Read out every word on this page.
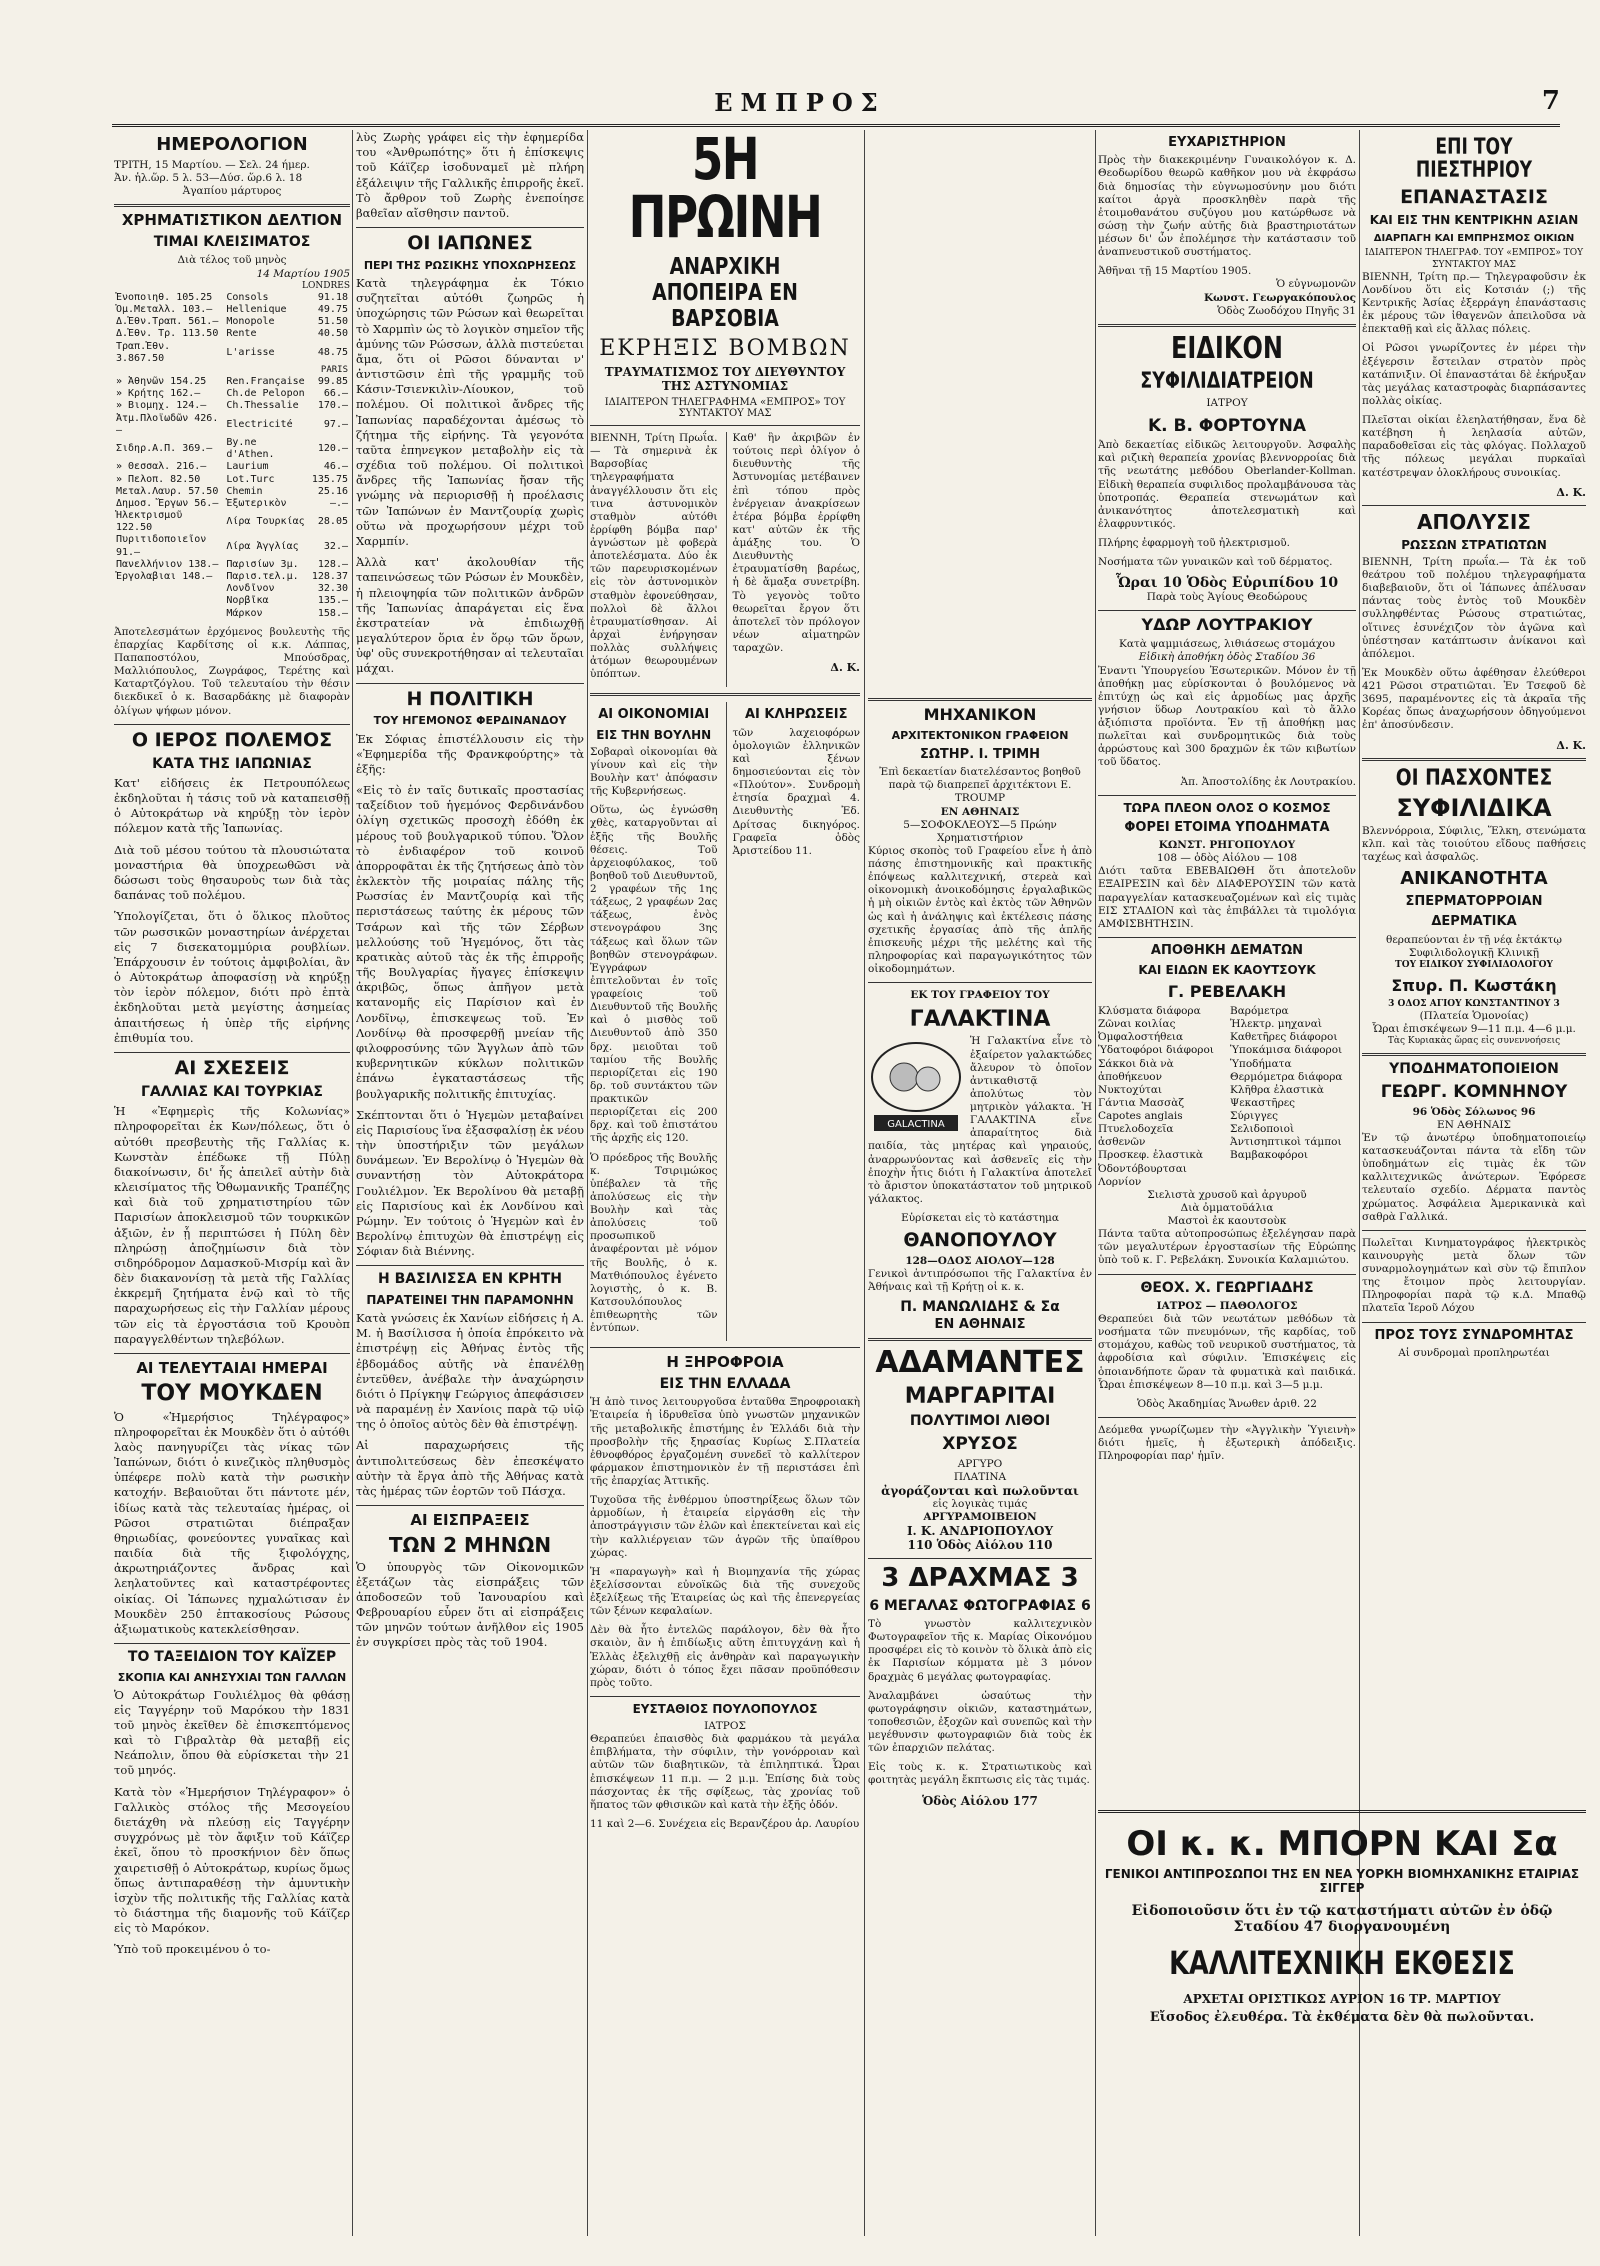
ΕΜΠΡΟΣ	7
ΗΜΕΡΟΛΟΓΙΟΝ
ΤΡΙΤΗ, 15 Μαρτίου. — Σελ. 24 ήμερ.
Ἀν. ἡλ.ὥρ. 5 λ. 53—Δύσ. ὥρ.6 λ. 18
Ἀγαπίου μάρτυρος
ΧΡΗΜΑΤΙΣΤΙΚΟΝ ΔΕΛΤΙΟΝ
ΤΙΜΑΙ ΚΛΕΙΣΙΜΑΤΟΣ
Διὰ τέλος τοῦ μηνὸς
14 Μαρτίου 1905
LONDRES
Ἐνοποιηθ. 105.25	Consols	91.18
Ὁμ.Μεταλλ. 103.—	Hellenique	49.75
Δ.Ἐθν.Τραπ. 561.—	Monopole	51.50
Δ.Ἐθν. Τρ. 113.50	Rente	40.50
Τραπ.Ἐθν. 3.867.50	L'arisse	48.75
PARIS		
» Ἀθηνῶν 154.25	Ren.Française	99.85
» Κρήτης 162.—	Ch.de Pelopon	66.—
» Βιομηχ. 124.—	Ch.Thessalie	170.—
Ἀτμ.Πλοϊωδῶν 426.—	Electricité	97.—
Σιδηρ.Α.Π. 369.—	By.ne d'Athen.	120.—
» Θεσσαλ. 216.—	Laurium	46.—
» Πελοπ. 82.50	Lot.Turc	135.75
Μεταλ.Λαυρ. 57.50	Chemin	25.16
Δημοσ. Ἔργων 56.—	Ἐξωτερικὸν	—.—
Ἠλεκτρισμοῦ 122.50	Λίρα Τουρκίας	28.05
Πυριτιδοποιεῖον 91.—	Λίρα Ἀγγλίας	32.—
Πανελλήνιον 138.—	Παρισίων 3μ.	128.—
Ἐργολαβιαι 148.—	Παρισ.τελ.μ.	128.37
	Λονδῖνον	32.30
	Νορβῖκα	135.—
	Μάρκον	158.—

Ἀποτελεσμάτων ἐρχόμενος βουλευτὴς τῆς ἐπαρχίας Καρδίτσης οἱ κ.κ. Λάππας, Παπαποστόλου, Μπούσδρας, Μαλλιόπουλος, Ζωγράφος, Τερέτης καὶ Καταρτζόγλου. Τοῦ τελευταίου τὴν θέσιν διεκδικεῖ ὁ κ. Βασαρδάκης μὲ διαφορὰν ὀλίγων ψήφων μόνον.

Ο ΙΕΡΟΣ ΠΟΛΕΜΟΣ
ΚΑΤΑ ΤΗΣ ΙΑΠΩΝΙΑΣ

Κατ' εἰδήσεις ἐκ Πετρουπόλεως ἐκδηλοῦται ἡ τάσις τοῦ νὰ καταπεισθῇ ὁ Αὐτοκράτωρ νὰ κηρύξῃ τὸν ἱερὸν πόλεμον κατὰ τῆς Ἰαπωνίας.

Διὰ τοῦ μέσου τούτου τὰ πλουσιώτατα μοναστήρια θὰ ὑποχρεωθῶσι νὰ δώσωσι τοὺς θησαυροὺς των διὰ τὰς δαπάνας τοῦ πολέμου.

Ὑπολογίζεται, ὅτι ὁ ὅλικος πλοῦτος τῶν ρωσσικῶν μοναστηρίων ἀνέρχεται εἰς 7 δισεκατομμύρια ρουβλίων. Ἐπάρχουσιν ἐν τούτοις ἀμφιβολίαι, ἂν ὁ Αὐτοκράτωρ ἀποφασίσῃ νὰ κηρύξῃ τὸν ἱερὸν πόλεμον, διότι πρὸ ἑπτὰ ἐκδηλοῦται μετὰ μεγίστης ἀσημείας ἀπαιτήσεως ἡ ὑπὲρ τῆς εἰρήνης ἐπιθυμία του.

ΑΙ ΣΧΕΣΕΙΣ
ΓΑΛΛΙΑΣ ΚΑΙ ΤΟΥΡΚΙΑΣ

Ἡ «Ἐφημερὶς τῆς Κολωνίας» πληροφορεῖται ἐκ Κων/πόλεως, ὅτι ὁ αὐτόθι πρεσβευτὴς τῆς Γαλλίας κ. Κωνστὰν ἐπέδωκε τῇ Πύλῃ διακοίνωσιν, δι' ἧς ἀπειλεῖ αὐτὴν διὰ κλεισίματος τῆς Ὀθωμανικῆς Τραπέζης καὶ διὰ τοῦ χρηματιστηρίου τῶν Παρισίων ἀποκλεισμοῦ τῶν τουρκικῶν ἀξιῶν, ἐν ᾗ περιπτώσει ἡ Πύλη δὲν πληρώσῃ ἀποζημίωσιν διὰ τὸν σιδηρόδρομον Δαμασκοῦ-Μισρίμ καὶ ἂν δὲν διακανονίσῃ τὰ μετὰ τῆς Γαλλίας ἐκκρεμῆ ζητήματα ἐνῷ καὶ τὸ τῆς παραχωρήσεως εἰς τὴν Γαλλίαν μέρους τῶν εἰς τὰ ἐργοστάσια τοῦ Κρουὸπ παραγγελθέντων τηλεβόλων.

ΑΙ ΤΕΛΕΥΤΑΙΑΙ ΗΜΕΡΑΙ
ΤΟΥ ΜΟΥΚΔΕΝ

Ὁ «Ἡμερήσιος Τηλέγραφος» πληροφορεῖται ἐκ Μουκδὲν ὅτι ὁ αὐτόθι λαὸς πανηγυρίζει τὰς νίκας τῶν Ἰαπώνων, διότι ὁ κινεζικὸς πληθυσμὸς ὑπέφερε πολὺ κατὰ τὴν ρωσικὴν κατοχήν. Βεβαιοῦται ὅτι πάντοτε μέν, ἰδίως κατὰ τὰς τελευταίας ἡμέρας, οἱ Ρῶσοι στρατιῶται διέπραξαν θηριωδίας, φονεύοντες γυναῖκας καὶ παιδία διὰ τῆς ξιφολόγχης, ἀκρωτηριάζοντες ἄνδρας καὶ λεηλατοῦντες καὶ καταστρέφοντες οἰκίας. Οἱ Ἰάπωνες ηχμαλώτισαν ἐν Μουκδὲν 250 ἑπτακοσίους Ρώσους ἀξιωματικοὺς κατεκλείσθησαν.

ΤΟ ΤΑΞΕΙΔΙΟΝ ΤΟΥ ΚΑΪΖΕΡ
ΣΚΟΠΙΑ ΚΑΙ ΑΝΗΣΥΧΙΑΙ ΤΩΝ ΓΑΛΛΩΝ

Ὁ Αὐτοκράτωρ Γουλιέλμος θὰ φθάσῃ εἰς Ταγγέρην τοῦ Μαρόκου τὴν 1831 τοῦ μηνὸς ἐκεῖθεν δὲ ἐπισκεπτόμενος καὶ τὸ Γιβραλτὰρ θὰ μεταβῇ εἰς Νεάπολιν, ὅπου θὰ εὑρίσκεται τὴν 21 τοῦ μηνός.

Κατὰ τὸν «Ἡμερήσιον Τηλέγραφον» ὁ Γαλλικὸς στόλος τῆς Μεσογείου διετάχθη νὰ πλεύσῃ εἰς Ταγγέρην συγχρόνως μὲ τὸν ἄφιξιν τοῦ Κάϊζερ ἐκεῖ, ὅπου τὸ προσκήνιον δὲν ὅπως χαιρετισθῇ ὁ Αὐτοκράτωρ, κυρίως ὅμως ὅπως ἀντιπαραθέσῃ τὴν ἀμυντικὴν ἰσχὺν τῆς πολιτικῆς τῆς Γαλλίας κατὰ τὸ διάστημα τῆς διαμονῆς τοῦ Κάϊζερ εἰς τὸ Μαρόκον.

Ὑπὸ τοῦ προκειμένου ὁ το-

λὺς Ζωρὴς γράφει εἰς τὴν ἐφημερίδα του «Ἀνθρωπότης» ὅτι ἡ ἐπίσκεψις τοῦ Κάϊζερ ἰσοδυναμεῖ μὲ πλήρη ἐξάλειψιν τῆς Γαλλικῆς ἐπιρροῆς ἐκεῖ. Τὸ ἄρθρον τοῦ Ζωρὴς ἐνεποίησε βαθεῖαν αἴσθησιν παντοῦ.

ΟΙ ΙΑΠΩΝΕΣ
ΠΕΡΙ ΤΗΣ ΡΩΣΙΚΗΣ ΥΠΟΧΩΡΗΣΕΩΣ

Κατὰ τηλεγράφημα ἐκ Τόκιο συζητεῖται αὐτόθι ζωηρῶς ἡ ὑποχώρησις τῶν Ρώσων καὶ θεωρεῖται τὸ Χαρμπὶν ὡς τὸ λογικὸν σημεῖον τῆς ἀμύνης τῶν Ρώσσων, ἀλλὰ πιστεύεται ἄμα, ὅτι οἱ Ρῶσοι δύνανται ν' ἀντιστῶσιν ἐπὶ τῆς γραμμῆς τοῦ Κάσιν-Τσιενκιλὶν-Λίουκον, τοῦ πολέμου. Οἱ πολιτικοὶ ἄνδρες τῆς Ἰαπωνίας παραδέχονται ἀμέσως τὸ ζήτημα τῆς εἰρήνης. Τὰ γεγονότα ταῦτα ἐπηνεγκον μεταβολὴν εἰς τὰ σχέδια τοῦ πολέμου. Οἱ πολιτικοὶ ἄνδρες τῆς Ἰαπωνίας ἤσαν τῆς γνώμης νὰ περιορισθῇ ἡ προέλασις τῶν Ἰαπώνων ἐν Μαντζουρίᾳ χωρὶς οὕτω νὰ προχωρήσουν μέχρι τοῦ Χαρμπίν.

Ἀλλὰ κατ' ἀκολουθίαν τῆς ταπεινώσεως τῶν Ρώσων ἐν Μουκδὲν, ἡ πλειοψηφία τῶν πολιτικῶν ἀνδρῶν τῆς Ἰαπωνίας ἀπαράγεται εἰς ἕνα ἐκστρατείαν νὰ ἐπιδιωχθῇ μεγαλύτερον ὅρια ἐν ὅρῳ τῶν ὅρων, ὑφ' οὓς συνεκροτήθησαν αἱ τελευταῖαι μάχαι.

Η ΠΟΛΙΤΙΚΗ
ΤΟΥ ΗΓΕΜΟΝΟΣ ΦΕΡΔΙΝΑΝΔΟΥ

Ἐκ Σόφιας ἐπιστέλλουσιν εἰς τὴν «Ἐφημερίδα τῆς Φρανκφούρτης» τὰ ἑξῆς:

«Εἰς τὸ ἐν ταῖς δυτικαῖς προστασίας ταξείδιον τοῦ ἡγεμόνος Φερδινάνδου ὀλίγη σχετικῶς προσοχὴ ἐδόθη ἐκ μέρους τοῦ βουλγαρικοῦ τύπου. Ὅλον τὸ ἐνδιαφέρον τοῦ κοινοῦ ἀπορροφᾶται ἐκ τῆς ζητήσεως ἀπὸ τὸν ἐκλεκτὸν τῆς μοιραίας πάλης τῆς Ρωσσίας ἐν Μαντζουρίᾳ καὶ τῆς περιστάσεως ταύτης ἐκ μέρους τῶν Τσάρων καὶ τῆς τῶν Σέρβων μελλούσης τοῦ Ἡγεμόνος, ὅτι τὰς κρατικὰς αὐτοῦ τὰς ἐκ τῆς ἐπιρροῆς τῆς Βουλγαρίας ἤγαγες ἐπίσκεψιν ἀκριβῶς, ὅπως ἀπῆγον μετὰ κατανομῆς εἰς Παρίσιον καὶ ἐν Λονδῖνῳ, ἐπισκεψεως τοῦ. Ἐν Λονδίνῳ θὰ προσφερθῇ μνείαν τῆς φιλοφροσύνης τῶν Ἄγγλων ἀπὸ τῶν κυβερνητικῶν κύκλων πολιτικῶν ἐπάνω ἐγκαταστάσεως τῆς βουλγαρικῆς πολιτικῆς ἐπιτυχίας.

Σκέπτονται ὅτι ὁ Ἡγεμὼν μεταβαίνει εἰς Παρισίους ἵνα ἐξασφαλίσῃ ἐκ νέου τὴν ὑποστήριξιν τῶν μεγάλων δυνάμεων. Ἐν Βερολίνῳ ὁ Ἡγεμὼν θὰ συναντήσῃ τὸν Αὐτοκράτορα Γουλιέλμον. Ἐκ Βερολίνου θὰ μεταβῇ εἰς Παρισίους καὶ ἐκ Λονδίνου καὶ Ρώμην. Ἐν τούτοις ὁ Ἡγεμὼν καὶ ἐν Βερολίνῳ ἐπιτυχὼν θὰ ἐπιστρέψῃ εἰς Σόφιαν διὰ Βιέννης.

Η ΒΑΣΙΛΙΣΣΑ ΕΝ ΚΡΗΤΗ
ΠΑΡΑΤΕΙΝΕΙ ΤΗΝ ΠΑΡΑΜΟΝΗΝ

Κατὰ γνώσεις ἐκ Χανίων εἰδήσεις ἡ Α. Μ. ἡ Βασίλισσα ἡ ὁποία ἐπρόκειτο νὰ ἐπιστρέψῃ εἰς Ἀθήνας ἐντὸς τῆς ἑβδομάδος αὐτῆς νὰ ἐπανέλθῃ ἐντεῦθεν, ἀνέβαλε τὴν ἀναχώρησιν διότι ὁ Πρίγκηψ Γεώργιος ἀπεφάσισεν νὰ παραμένῃ ἐν Χανίοις παρὰ τῷ υἱῷ της ὁ ὁποῖος αὐτὸς δὲν θὰ ἐπιστρέψῃ.

Αἱ παραχωρήσεις τῆς ἀντιπολιτεύσεως δὲν ἐπεσκέψατο αὐτὴν τὰ ἔργα ἀπὸ τῆς Ἀθήνας κατὰ τὰς ἡμέρας τῶν ἑορτῶν τοῦ Πάσχα.

ΑΙ ΕΙΣΠΡΑΞΕΙΣ
ΤΩΝ 2 ΜΗΝΩΝ

Ὁ ὑπουργὸς τῶν Οἰκονομικῶν ἐξετάζων τὰς εἰσπράξεις τῶν ἀποδοσεῶν τοῦ Ἰανουαρίου καὶ Φεβρουαρίου εὗρεν ὅτι αἱ εἰσπράξεις τῶν μηνῶν τούτων ἀνῆλθον εἰς 1905 ἐν συγκρίσει πρὸς τὰς τοῦ 1904.

5Η ΠΡΩΙΝΗ
ΑΝΑΡΧΙΚΗ ΑΠΟΠΕΙΡΑ ΕΝ ΒΑΡΣΟΒΙΑ
ΕΚΡΗΞΙΣ ΒΟΜΒΩΝ
ΤΡΑΥΜΑΤΙΣΜΟΣ ΤΟΥ ΔΙΕΥΘΥΝΤΟΥ ΤΗΣ ΑΣΤΥΝΟΜΙΑΣ
ΙΔΙΑΙΤΕΡΟΝ ΤΗΛΕΓΡΑΦΗΜΑ «ΕΜΠΡΟΣ» ΤΟΥ ΣΥΝΤΑΚΤΟΥ ΜΑΣ

ΒΙΕΝΝΗ, Τρίτη Πρωΐα.— Τὰ σημερινὰ ἐκ Βαρσοβίας τηλεγραφήματα ἀναγγέλλουσιν ὅτι εἰς τινα ἀστυνομικὸν σταθμὸν αὐτόθι ἐρρίφθη βόμβα παρ' ἀγνώστων μὲ φοβερὰ ἀποτελέσματα. Δύο ἐκ τῶν παρευρισκομένων εἰς τὸν ἀστυνομικὸν σταθμὸν ἐφονεύθησαν, πολλοὶ δὲ ἄλλοι ἐτραυματίσθησαν. Αἱ ἀρχαὶ ἐνήργησαν πολλὰς συλλήψεις ἀτόμων θεωρουμένων ὑπόπτων.

Καθ' ἣν ἀκριβῶν ἐν τούτοις περὶ ὀλίγον ὁ διευθυντὴς τῆς Ἀστυνομίας μετέβαινεν ἐπὶ τόπου πρὸς ἐνέργειαν ἀνακρίσεων ἑτέρα βόμβα ἐρρίφθη κατ' αὐτῶν ἐκ τῆς ἀμάξης του. Ὁ Διευθυντὴς ἐτραυματίσθη βαρέως, ἡ δὲ ἄμαξα συνετρίβη. Τὸ γεγονὸς τοῦτο θεωρεῖται ἔργον ὅτι ἀποτελεῖ τὸν πρόλογον νέων αἱματηρῶν ταραχῶν.

Δ. Κ.
ΑΙ ΟΙΚΟΝΟΜΙΑΙ
ΕΙΣ ΤΗΝ ΒΟΥΛΗΝ

Σοβαραὶ οἰκονομίαι θὰ γίνουν καὶ εἰς τὴν Βουλὴν κατ' ἀπόφασιν τῆς Κυβερνήσεως.

Οὕτω, ὡς ἐγνώσθη χθὲς, καταργοῦνται αἱ ἑξῆς τῆς Βουλῆς θέσεις. Τοῦ ἀρχειοφύλακος, τοῦ βοηθοῦ τοῦ Διευθυντοῦ, 2 γραφέων τῆς 1ης τάξεως, 2 γραφέων 2ας τάξεως, ἑνὸς στενογράφου 3ης τάξεως καὶ ὅλων τῶν βοηθῶν στενογράφων. Ἐγγράφων ἐπιτελοῦνται ἐν τοῖς γραφείοις τοῦ Διευθυντοῦ τῆς Βουλῆς καὶ ὁ μισθὸς τοῦ Διευθυντοῦ ἀπὸ 350 δρχ. μειοῦται τοῦ ταμίου τῆς Βουλῆς περιορίζεται εἰς 190 δρ. τοῦ συντάκτου τῶν πρακτικῶν περιορίζεται εἰς 200 δρχ. καὶ τοῦ ἐπιστάτου τῆς ἀρχῆς εἰς 120.

Ὁ πρόεδρος τῆς Βουλῆς κ. Τσιριμώκος ὑπέβαλεν τὰ τῆς ἀπολύσεως εἰς τὴν Βουλὴν καὶ τὰς ἀπολύσεις τοῦ προσωπικοῦ ἀναφέρονται μὲ νόμον τῆς Βουλῆς, ὁ κ. Ματθιόπουλος ἐγένετο λογιστὴς, ὁ κ. Β. Κατσουλόπουλος ἐπιθεωρητὴς τῶν ἐντύπων.

ΑΙ ΚΛΗΡΩΣΕΙΣ

τῶν λαχειοφόρων ὁμολογιῶν ἑλληνικῶν καὶ ξένων δημοσιεύονται εἰς τὸν «Πλούτον». Συνδρομὴ ἐτησία δραχμαὶ 4. Διευθυντὴς Ἐδ. Δρίτσας δικηγόρος. Γραφεῖα ὁδὸς Ἀριστείδου 11.

Η ΞΗΡΟΦΡΟΙΑ
ΕΙΣ ΤΗΝ ΕΛΛΑΔΑ

Ἡ ἀπὸ τινος λειτουργοῦσα ἐνταῦθα Ξηροφροιακὴ Ἑταιρεία ἡ ἱδρυθεῖσα ὑπὸ γνωστῶν μηχανικῶν τῆς μεταβολικῆς ἐπιστήμης ἐν Ἑλλάδι διὰ τὴν προσβολὴν τῆς ξηρασίας Κυρίως Σ.Πλατεία ἐθνοφθόρος ἐργαζομένη συνεδεῖ τὸ καλλίτερον φάρμακον ἐπιστημονικὸν ἐν τῇ περιστάσει ἐπὶ τῆς ἐπαρχίας Ἀττικῆς.

Τυχοῦσα τῆς ἐνθέρμου ὑποστηρίξεως ὅλων τῶν ἀρμοδίων, ἡ ἑταιρεία εἰργάσθη εἰς τὴν ἀποστράγγισιν τῶν ἐλῶν καὶ ἐπεκτείνεται καὶ εἰς τὴν καλλιέργειαν τῶν ἀγρῶν τῆς ὑπαίθρου χώρας.

Ἡ «παραγωγὴ» καὶ ἡ Βιομηχανία τῆς χώρας ἐξελίσσονται εὐνοϊκῶς διὰ τῆς συνεχοῦς ἐξελίξεως τῆς Ἑταιρείας ὡς καὶ τῆς ἐπενεργείας τῶν ξένων κεφαλαίων.

Δὲν θὰ ἦτο ἐντελῶς παράλογον, δὲν θὰ ἦτο σκαιὸν, ἂν ἡ ἐπιδίωξις αὕτη ἐπιτυγχάνῃ καὶ ἡ Ἑλλὰς ἐξελιχθῇ εἰς ἀνθηρὰν καὶ παραγωγικὴν χώραν, διότι ὁ τόπος ἔχει πᾶσαν προϋπόθεσιν πρὸς τοῦτο.

ΕΥΣΤΑΘΙΟΣ ΠΟΥΛΟΠΟΥΛΟΣ
ΙΑΤΡΟΣ

Θεραπεύει ἐπαισθὸς διὰ φαρμάκου τὰ μεγάλα ἐπιβλήματα, τὴν σύφιλιν, τὴν γονόρροιαν καὶ αὐτῶν τῶν διαβητικῶν, τὰ ἐπιληπτικά. Ὧραι ἐπισκέψεων 11 π.μ. — 2 μ.μ. Ἐπίσης διὰ τοὺς πάσχοντας ἐκ τῆς σφίξεως, τὰς χρονίας τοῦ ἥπατος τῶν φθισικῶν καὶ κατὰ τὴν ἑξῆς ὁδόν.

11 καὶ 2—6. Συνέχεια εἰς Βερανζέρου ἀρ. Λαυρίου

ΜΗΧΑΝΙΚΟΝ
ΑΡΧΙΤΕΚΤΟΝΙΚΟΝ ΓΡΑΦΕΙΟΝ
ΣΩΤΗΡ. Ι. ΤΡΙΜΗ
Ἐπὶ δεκαετίαν διατελέσαντος βοηθοῦ παρὰ τῷ διαπρεπεῖ ἀρχιτέκτονι E. TROUMP
ΕΝ ΑΘΗΝΑΙΣ
5—ΣΟΦΟΚΛΕΟΥΣ—5 Πρώην Χρηματιστήριον

Κύριος σκοπὸς τοῦ Γραφείου εἶνε ἡ ἀπὸ πάσης ἐπιστημονικῆς καὶ πρακτικῆς ἐπόψεως καλλιτεχνική, στερεὰ καὶ οἰκονομικὴ ἀνοικοδόμησις ἐργαλαβικῶς ἡ μὴ οἰκιῶν ἐντὸς καὶ ἐκτὸς τῶν Ἀθηνῶν ὡς καὶ ἡ ἀνάληψις καὶ ἐκτέλεσις πάσης σχετικῆς ἐργασίας ἀπὸ τῆς ἀπλῆς ἐπισκευῆς μέχρι τῆς μελέτης καὶ τῆς πληροφορίας καὶ παραγωγικότητος τῶν οἰκοδομημάτων.

ΕΚ ΤΟΥ ΓΡΑΦΕΙΟΥ ΤΟΥ
ΓΑΛΑΚΤΙΝΑ
GALACTINA

Ἡ Γαλακτίνα εἶνε τὸ ἐξαίρετον γαλακτώδες ἄλευρον τὸ ὁποῖον ἀντικαθιστᾷ ἀπολύτως τὸν μητρικὸν γάλακτα. Ἡ ΓΑΛΑΚΤΙΝΑ εἶνε ἀπαραίτητος διὰ παιδία, τὰς μητέρας καὶ γηραιούς, ἀναρρωνύοντας καὶ ἀσθενεῖς εἰς τὴν ἐποχὴν ἧτις διότι ἡ Γαλακτίνα ἀποτελεῖ τὸ ἄριστον ὑποκατάστατον τοῦ μητρικοῦ γάλακτος.

Εὑρίσκεται εἰς τὸ κατάστημα
ΘΑΝΟΠΟΥΛΟΥ
128—ΟΔΟΣ ΑΙΟΛΟΥ—128

Γενικοὶ ἀντιπρόσωποι τῆς Γαλακτίνα ἐν Ἀθήναις καὶ τῇ Κρήτῃ οἱ κ. κ.

Π. ΜΑΝΩΛΙΔΗΣ & Σα
ΕΝ ΑΘΗΝΑΙΣ
ΑΔΑΜΑΝΤΕΣ
ΜΑΡΓΑΡΙΤΑΙ
ΠΟΛΥΤΙΜΟΙ ΛΙΘΟΙ
ΧΡΥΣΟΣ
ΑΡΓΥΡΟ
ΠΛΑΤΙΝΑ
ἀγοράζονται καὶ πωλοῦνται
εἰς λογικὰς τιμάς
ΑΡΓΥΡΑΜΟΙΒΕΙΟΝ
Ι. Κ. ΑΝΔΡΙΟΠΟΥΛΟΥ
110 Ὁδὸς Αἰόλου 110
3 ΔΡΑΧΜΑΣ 3
6 ΜΕΓΑΛΑΣ ΦΩΤΟΓΡΑΦΙΑΣ 6

Τὸ γνωστὸν καλλιτεχνικὸν Φωτογραφεῖον τῆς κ. Μαρίας Οἰκονόμου προσφέρει εἰς τὸ κοινὸν τὸ ὅλικὰ ἀπὸ εἰς ἐκ Παρισίων κόμματα μὲ 3 μόνον δραχμὰς 6 μεγάλας φωτογραφίας.

Ἀναλαμβάνει ὡσαύτως τὴν φωτογράφησιν οἰκιῶν, καταστημάτων, τοποθεσιῶν, ἐξοχῶν καὶ συνεπῶς καὶ τὴν μεγέθυνσιν φωτογραφιῶν διὰ τοὺς ἐκ τῶν ἐπαρχιῶν πελάτας.

Εἰς τοὺς κ. κ. Στρατιωτικοὺς καὶ φοιτητὰς μεγάλη ἔκπτωσις εἰς τὰς τιμάς.

Ὁδὸς Αἰόλου 177
ΕΥΧΑΡΙΣΤΗΡΙΟΝ

Πρὸς τὴν διακεκριμένην Γυναικολόγον κ. Δ. Θεοδωρίδου θεωρῶ καθῆκον μου νὰ ἐκφράσω διὰ δημοσίας τὴν εὐγνωμοσύνην μου διότι καίτοι ἀργὰ προσκληθὲν παρὰ τῆς ἐτοιμοθανάτου συζύγου μου κατώρθωσε νὰ σώσῃ τὴν ζωήν αὐτῆς διὰ βραστηριοτάτων μέσων δι' ὧν ἐπολέμησε τὴν κατάστασιν τοῦ ἀναπνευστικοῦ συστήματος.

Ἀθῆναι τῇ 15 Μαρτίου 1905.
Ὁ εὐγνωμονῶν
Κωνστ. Γεωργακόπουλος
Ὁδὸς Ζωοδόχου Πηγῆς 31
ΕΙΔΙΚΟΝ
ΣΥΦΙΛΙΔΙΑΤΡΕΙΟΝ
ΙΑΤΡΟΥ
Κ. Β. ΦΟΡΤΟΥΝΑ

Ἀπὸ δεκαετίας εἰδικῶς λειτουργοῦν. Ἀσφαλὴς καὶ ριζικὴ θεραπεία χρονίας βλεννορροίας διὰ τῆς νεωτάτης μεθόδου Oberlander-Kollman. Εἰδικὴ θεραπεία συφιλιδος προλαμβάνουσα τὰς ὑποτροπάς. Θεραπεία στενωμάτων καὶ ἀνικανότητος ἀποτελεσματικὴ καὶ ἐλαφρυντικός.

Πλήρης ἐφαρμογὴ τοῦ ἠλεκτρισμοῦ.

Νοσήματα τῶν γυναικῶν καὶ τοῦ δέρματος.

Ὧραι 10 Ὁδὸς Εὐριπίδου 10
Παρὰ τοὺς Ἁγίους Θεοδώρους
ΥΔΩΡ ΛΟΥΤΡΑΚΙΟΥ
Κατὰ ψαμμιάσεως, λιθιάσεως στομάχου
Εἰδικὴ ἀποθήκη ὁδὸς Σταδίου 36

Ἐναντι Ὑπουργείου Ἐσωτερικῶν. Μόνον ἐν τῇ ἀποθήκῃ μας εὑρίσκονται ὁ βουλόμενος νὰ ἐπιτύχῃ ὡς καὶ εἰς ἀρμοδίως μας ἀρχῆς γνήσιον ὕδωρ Λουτρακίου καὶ τὸ ἄλλο ἀξιόπιστα προϊόντα. Ἐν τῇ ἀποθήκῃ μας πωλεῖται καὶ συνδρομητικῶς διὰ τοὺς ἀρρώστους καὶ 300 δραχμῶν ἐκ τῶν κιβωτίων τοῦ ὕδατος.

Ἀπ. Ἀποστολίδης ἐκ Λουτρακίου.
ΤΩΡΑ ΠΛΕΟΝ ΟΛΟΣ Ο ΚΟΣΜΟΣ
ΦΟΡΕΙ ΕΤΟΙΜΑ ΥΠΟΔΗΜΑΤΑ
ΚΩΝΣΤ. ΡΗΓΟΠΟΥΛΟΥ
108 — ὁδὸς Αἰόλου — 108

Διότι ταῦτα ΕΒΕΒΑΙΩΘΗ ὅτι ἀποτελοῦν ΕΞΑΙΡΕΣΙΝ καὶ δὲν ΔΙΑΦΕΡΟΥΣΙΝ τῶν κατὰ παραγγελίαν κατασκευαζομένων καὶ εἰς τιμὰς ΕΙΣ ΣΤΑΔΙΟΝ καὶ τὰς ἐπιβάλλει τὰ τιμολόγια ΑΜΦΙΣΒΗΤΗΣΙΝ.

ΑΠΟΘΗΚΗ ΔΕΜΑΤΩΝ
ΚΑΙ ΕΙΔΩΝ ΕΚ ΚΑΟΥΤΣΟΥΚ
Γ. ΡΕΒΕΛΑΚΗ
Κλύσματα διάφορα
Ζῶναι κοιλίας
Ὀμφαλοστήθεια
Ὑδατοφόροι διάφοροι
Σάκκοι διὰ νὰ ἀποθήκευον
Νυκτοχύται
Γάντια Μασσὰζ
Capotes anglais
Πτυελοδοχεῖα ἀσθενῶν
Προσκεφ. ἐλαστικὰ
Ὀδοντόβουρτσαι
Λορνίον
Βαρόμετρα
Ἠλεκτρ. μηχαναὶ
Καθετῆρες διάφοροι
Ὑποκάμισα διάφοροι
Ὑποδήματα
Θερμόμετρα διάφορα
Κλῆθρα ἐλαστικὰ
Ψεκαστῆρες
Σύριγγες
Σελιδοποιοὶ
Ἀντισηπτικοὶ τάμποι
Βαμβακοφόροι
Σιελιστὰ χρυσοῦ καὶ ἀργυροῦ
Διὰ ὀμματοϋάλια
Μαστοὶ ἐκ καουτσοὺκ

Πάντα ταῦτα αὐτοπροσώπως ἐξελέγησαν παρὰ τῶν μεγαλυτέρων ἐργοστασίων τῆς Εὐρώπης ὑπὸ τοῦ κ. Γ. Ρεβελάκη. Συνοικία Καλαμιώτου.

ΘΕΟΧ. Χ. ΓΕΩΡΓΙΑΔΗΣ
ΙΑΤΡΟΣ — ΠΑΘΟΛΟΓΟΣ

Θεραπεύει διὰ τῶν νεωτάτων μεθόδων τὰ νοσήματα τῶν πνευμόνων, τῆς καρδίας, τοῦ στομάχου, καθὼς τοῦ νευρικοῦ συστήματος, τὰ ἀφροδίσια καὶ σύφιλιν. Ἐπισκέψεις εἰς ὁποιανδήποτε ὥραν τὰ φυματικὰ καὶ παιδικά. Ὧραι ἐπισκέψεων 8—10 π.μ. καὶ 3—5 μ.μ.

Ὁδὸς Ἀκαδημίας Ἄνωθεν ἀριθ. 22

Δεόμεθα γνωρίζωμεν τὴν «Ἀγγλικὴν Ὑγιεινὴ» διότι ἡμεῖς, ἡ ἐξωτερικὴ ἀπόδειξις. Πληροφορίαι παρ' ἡμῖν.

ΕΠΙ ΤΟΥ ΠΙΕΣΤΗΡΙΟΥ
ΕΠΑΝΑΣΤΑΣΙΣ
ΚΑΙ ΕΙΣ ΤΗΝ ΚΕΝΤΡΙΚΗΝ ΑΣΙΑΝ
ΔΙΑΡΠΑΓΗ ΚΑΙ ΕΜΠΡΗΣΜΟΣ ΟΙΚΙΩΝ
ΙΔΙΑΙΤΕΡΟΝ ΤΗΛΕΓΡΑΦ. ΤΟΥ «ΕΜΠΡΟΣ» ΤΟΥ ΣΥΝΤΑΚΤΟΥ ΜΑΣ

ΒΙΕΝΝΗ, Τρίτη πρ.— Τηλεγραφοῦσιν ἐκ Λονδίνου ὅτι εἰς Κοτσιάν (;) τῆς Κεντρικῆς Ἀσίας ἐξερράγη ἐπανάστασις ἐκ μέρους τῶν ἰθαγενῶν ἀπειλοῦσα νὰ ἐπεκταθῇ καὶ εἰς ἄλλας πόλεις.

Οἱ Ρῶσοι γνωρίζοντες ἐν μέρει τὴν ἐξέγερσιν ἔστειλαν στρατὸν πρὸς κατάπνιξιν. Οἱ ἐπαναστάται δὲ ἐκήρυξαν τὰς μεγάλας καταστροφὰς διαρπάσαντες πολλὰς οἰκίας.

Πλεῖσται οἰκίαι ἐλεηλατήθησαν, ἕνα δὲ κατέβηση ἡ λεηλασία αὐτῶν, παραδοθεῖσαι εἰς τὰς φλόγας. Πολλαχοῦ τῆς πόλεως μεγάλαι πυρκαϊαὶ κατέστρεψαν ὁλοκλήρους συνοικίας.

Δ. Κ.
ΑΠΟΛΥΣΙΣ
ΡΩΣΣΩΝ ΣΤΡΑΤΙΩΤΩΝ

ΒΙΕΝΝΗ, Τρίτη πρωΐα.— Τὰ ἐκ τοῦ θεάτρου τοῦ πολέμου τηλεγραφήματα διαβεβαιοῦν, ὅτι οἱ Ἰάπωνες ἀπέλυσαν πάντας τοὺς ἐντὸς τοῦ Μουκδὲν συλληφθέντας Ρώσους στρατιώτας, οἵτινες ἐσυνέχιζον τὸν ἀγῶνα καὶ ὑπέστησαν κατάπτωσιν ἀνίκανοι καὶ ἀπόλεμοι.

Ἐκ Μουκδὲν οὕτω ἀφέθησαν ἐλεύθεροι 421 Ρῶσοι στρατιῶται. Ἐν Τσεφοῦ δὲ 3695, παραμένοντες εἰς τὰ ἀκραῖα τῆς Κορέας ὅπως ἀναχωρήσουν ὁδηγούμενοι ἐπ' ἀποσύνδεσιν.

Δ. Κ.
ΟΙ ΠΑΣΧΟΝΤΕΣ
ΣΥΦΙΛΙΔΙΚΑ

Βλεννόρροια, Σύφιλις, Ἕλκη, στενώματα κλπ. καὶ τὰς τοιούτου εἴδους παθήσεις ταχέως καὶ ἀσφαλῶς.

ΑΝΙΚΑΝΟΤΗΤΑ
ΣΠΕΡΜΑΤΟΡΡΟΙΑΝ
ΔΕΡΜΑΤΙΚΑ
θεραπεύονται ἐν τῇ νέᾳ ἐκτάκτῳ Συφιλιδολογικῇ Κλινικῇ
ΤΟΥ ΕΙΔΙΚΟΥ ΣΥΦΙΛΙΔΟΛΟΓΟΥ
Σπυρ. Π. Κωστάκη
3 ΟΔΟΣ ΑΓΙΟΥ ΚΩΝΣΤΑΝΤΙΝΟΥ 3
(Πλατεία Ὁμονοίας)
Ὧραι ἐπισκέψεων 9—11 π.μ. 4—6 μ.μ.
Τὰς Κυριακὰς ὥρας εἰς συνεννοήσεις
ΥΠΟΔΗΜΑΤΟΠΟΙΕΙΟΝ
ΓΕΩΡΓ. ΚΟΜΝΗΝΟΥ
96 Ὁδὸς Σόλωνος 96
ΕΝ ΑΘΗΝΑΙΣ

Ἐν τῷ ἀνωτέρῳ ὑποδηματοποιείῳ κατασκευάζονται πάντα τὰ εἴδη τῶν ὑποδημάτων εἰς τιμὰς ἐκ τῶν καλλιτεχνικῶς ἀνώτερων. Ἐφόρεσε τελευταίο σχεδίο. Δέρματα παντὸς χρώματος. Ἀσφάλεια Ἀμερικανικὰ καὶ σαθρὰ Γαλλικά.

Πωλεῖται Κινηματογράφος ἠλεκτρικὸς καινουργὴς μετὰ ὅλων τῶν συναρμολογημάτων καὶ σὺν τῷ ἔπιπλον της ἔτοιμον πρὸς λειτουργίαν. Πληροφορίαι παρὰ τῷ κ.Δ. Μπαθῷ πλατεῖα Ἱεροῦ Λόχου

ΠΡΟΣ ΤΟΥΣ ΣΥΝΔΡΟΜΗΤΑΣ
Αἱ συνδρομαὶ προπληρωτέαι
ΟΙ κ. κ. ΜΠΟΡΝ ΚΑΙ Σα
ΓΕΝΙΚΟΙ ΑΝΤΙΠΡΟΣΩΠΟΙ ΤΗΣ ΕΝ ΝΕΑ ΥΟΡΚΗ ΒΙΟΜΗΧΑΝΙΚΗΣ ΕΤΑΙΡΙΑΣ ΣΙΓΓΕΡ
Εἰδοποιοῦσιν ὅτι ἐν τῷ καταστήματι αὐτῶν ἐν ὁδῷ Σταδίου 47 διοργανουμένη
ΚΑΛΛΙΤΕΧΝΙΚΗ ΕΚΘΕΣΙΣ
ΑΡΧΕΤΑΙ ΟΡΙΣΤΙΚΩΣ ΑΥΡΙΟΝ 16 ΤΡ. ΜΑΡΤΙΟΥ
Εἴσοδος ἐλευθέρα. Τὰ ἐκθέματα δὲν θὰ πωλοῦνται.
